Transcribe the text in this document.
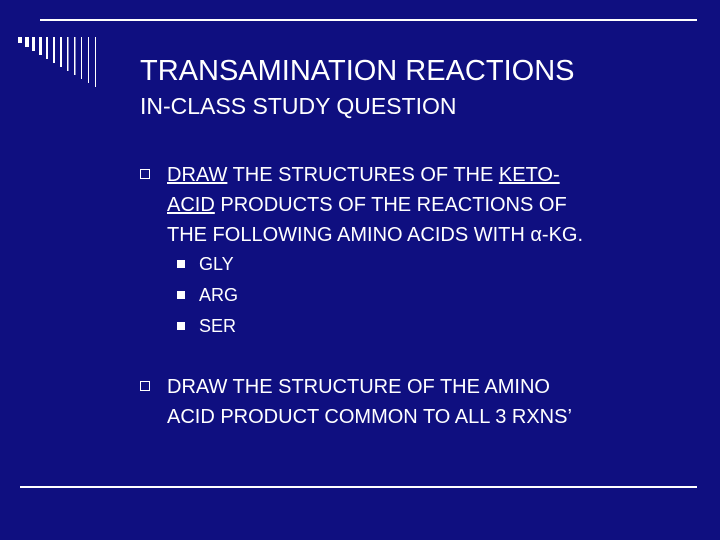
TRANSAMINATION REACTIONS
IN-CLASS STUDY QUESTION
DRAW THE STRUCTURES OF THE KETO-
ACID PRODUCTS OF THE REACTIONS OF
THE FOLLOWING AMINO ACIDS WITH α-KG.
GLY
ARG
SER
DRAW THE STRUCTURE OF THE AMINO
ACID PRODUCT COMMON TO ALL 3 RXNS’
